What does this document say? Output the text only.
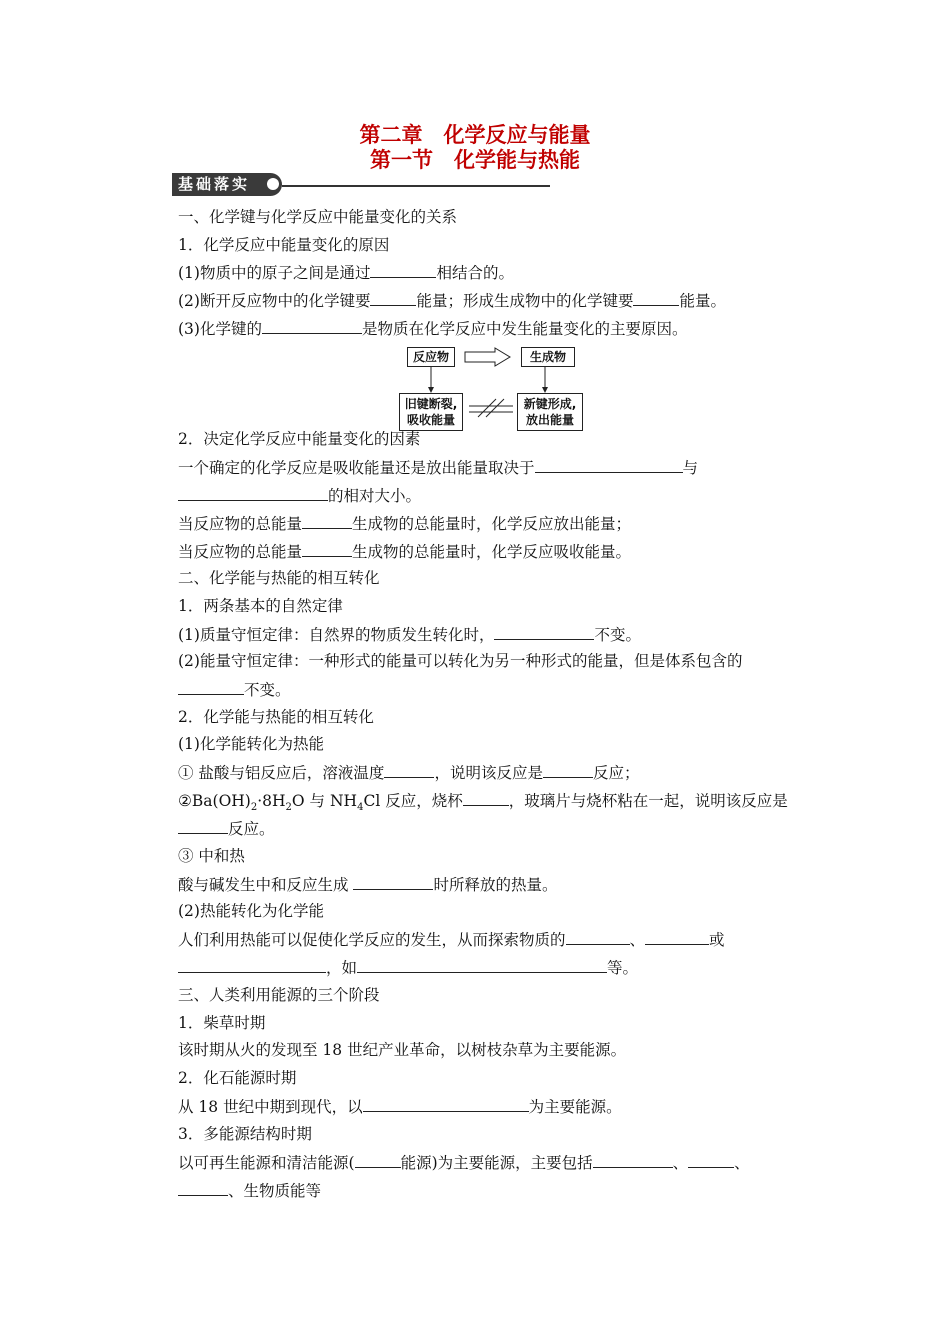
第二章　化学反应与能量
第一节　化学能与热能
基础落实
一、化学键与化学反应中能量变化的关系
1．化学反应中能量变化的原因
(1)物质中的原子之间是通过	相结合的。
(2)断开反应物中的化学键要	能量；形成生成物中的化学键要	能量。
(3)化学键的	是物质在化学反应中发生能量变化的主要原因。
反应物	生成物
旧键断裂,
吸收能量
新键形成,
放出能量
2．决定化学反应中能量变化的因素
一个确定的化学反应是吸收能量还是放出能量取决于	与
的相对大小。
当反应物的总能量	生成物的总能量时，化学反应放出能量；
当反应物的总能量	生成物的总能量时，化学反应吸收能量。
二、化学能与热能的相互转化
1．两条基本的自然定律
(1)质量守恒定律：自然界的物质发生转化时，	不变。
(2)能量守恒定律：一种形式的能量可以转化为另一种形式的能量，但是体系包含的
不变。
2．化学能与热能的相互转化
(1)化学能转化为热能
① 盐酸与铝反应后，溶液温度	，说明该反应是	反应；
$②Ba(OH)_2\cdot 8H_2O$ 与 $NH_4Cl$ 反应，烧杯	，玻璃片与烧杯粘在一起，说明该反应是
反应。
③ 中和热
酸与碱发生中和反应生成	时所释放的热量。
(2)热能转化为化学能
人们利用热能可以促使化学反应的发生，从而探索物质的	、	或
，如	等。
三、人类利用能源的三个阶段
1．柴草时期
该时期从火的发现至 18 世纪产业革命，以树枝杂草为主要能源。
2．化石能源时期
从 18 世纪中期到现代，以	为主要能源。
3．多能源结构时期
以可再生能源和清洁能源(	能源)为主要能源，主要包括	、	、
、生物质能等
